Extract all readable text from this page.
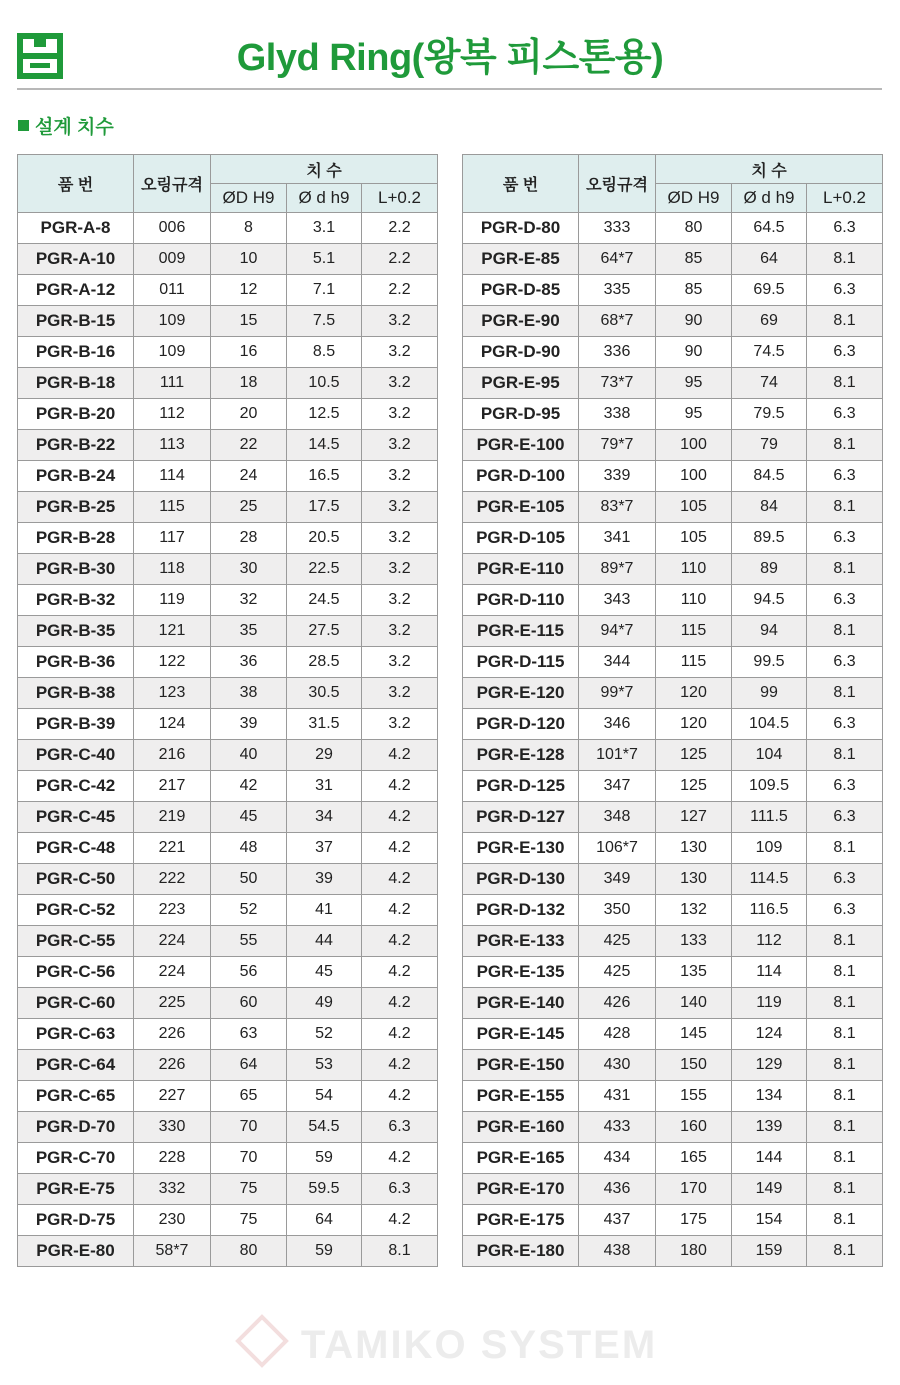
Glyd Ring(왕복 피스톤용)
설계 치수
품 번	오링규격	치 수		
		ØD H9	Ø d h9	L+0.2
PGR-A-8	006	8	3.1	2.2
PGR-A-10	009	10	5.1	2.2
PGR-A-12	011	12	7.1	2.2
PGR-B-15	109	15	7.5	3.2
PGR-B-16	109	16	8.5	3.2
PGR-B-18	111	18	10.5	3.2
PGR-B-20	112	20	12.5	3.2
PGR-B-22	113	22	14.5	3.2
PGR-B-24	114	24	16.5	3.2
PGR-B-25	115	25	17.5	3.2
PGR-B-28	117	28	20.5	3.2
PGR-B-30	118	30	22.5	3.2
PGR-B-32	119	32	24.5	3.2
PGR-B-35	121	35	27.5	3.2
PGR-B-36	122	36	28.5	3.2
PGR-B-38	123	38	30.5	3.2
PGR-B-39	124	39	31.5	3.2
PGR-C-40	216	40	29	4.2
PGR-C-42	217	42	31	4.2
PGR-C-45	219	45	34	4.2
PGR-C-48	221	48	37	4.2
PGR-C-50	222	50	39	4.2
PGR-C-52	223	52	41	4.2
PGR-C-55	224	55	44	4.2
PGR-C-56	224	56	45	4.2
PGR-C-60	225	60	49	4.2
PGR-C-63	226	63	52	4.2
PGR-C-64	226	64	53	4.2
PGR-C-65	227	65	54	4.2
PGR-D-70	330	70	54.5	6.3
PGR-C-70	228	70	59	4.2
PGR-E-75	332	75	59.5	6.3
PGR-D-75	230	75	64	4.2
PGR-E-80	58*7	80	59	8.1
품 번	오링규격	치 수		
		ØD H9	Ø d h9	L+0.2
PGR-D-80	333	80	64.5	6.3
PGR-E-85	64*7	85	64	8.1
PGR-D-85	335	85	69.5	6.3
PGR-E-90	68*7	90	69	8.1
PGR-D-90	336	90	74.5	6.3
PGR-E-95	73*7	95	74	8.1
PGR-D-95	338	95	79.5	6.3
PGR-E-100	79*7	100	79	8.1
PGR-D-100	339	100	84.5	6.3
PGR-E-105	83*7	105	84	8.1
PGR-D-105	341	105	89.5	6.3
PGR-E-110	89*7	110	89	8.1
PGR-D-110	343	110	94.5	6.3
PGR-E-115	94*7	115	94	8.1
PGR-D-115	344	115	99.5	6.3
PGR-E-120	99*7	120	99	8.1
PGR-D-120	346	120	104.5	6.3
PGR-E-128	101*7	125	104	8.1
PGR-D-125	347	125	109.5	6.3
PGR-D-127	348	127	111.5	6.3
PGR-E-130	106*7	130	109	8.1
PGR-D-130	349	130	114.5	6.3
PGR-D-132	350	132	116.5	6.3
PGR-E-133	425	133	112	8.1
PGR-E-135	425	135	114	8.1
PGR-E-140	426	140	119	8.1
PGR-E-145	428	145	124	8.1
PGR-E-150	430	150	129	8.1
PGR-E-155	431	155	134	8.1
PGR-E-160	433	160	139	8.1
PGR-E-165	434	165	144	8.1
PGR-E-170	436	170	149	8.1
PGR-E-175	437	175	154	8.1
PGR-E-180	438	180	159	8.1
TAMIKO SYSTEM
